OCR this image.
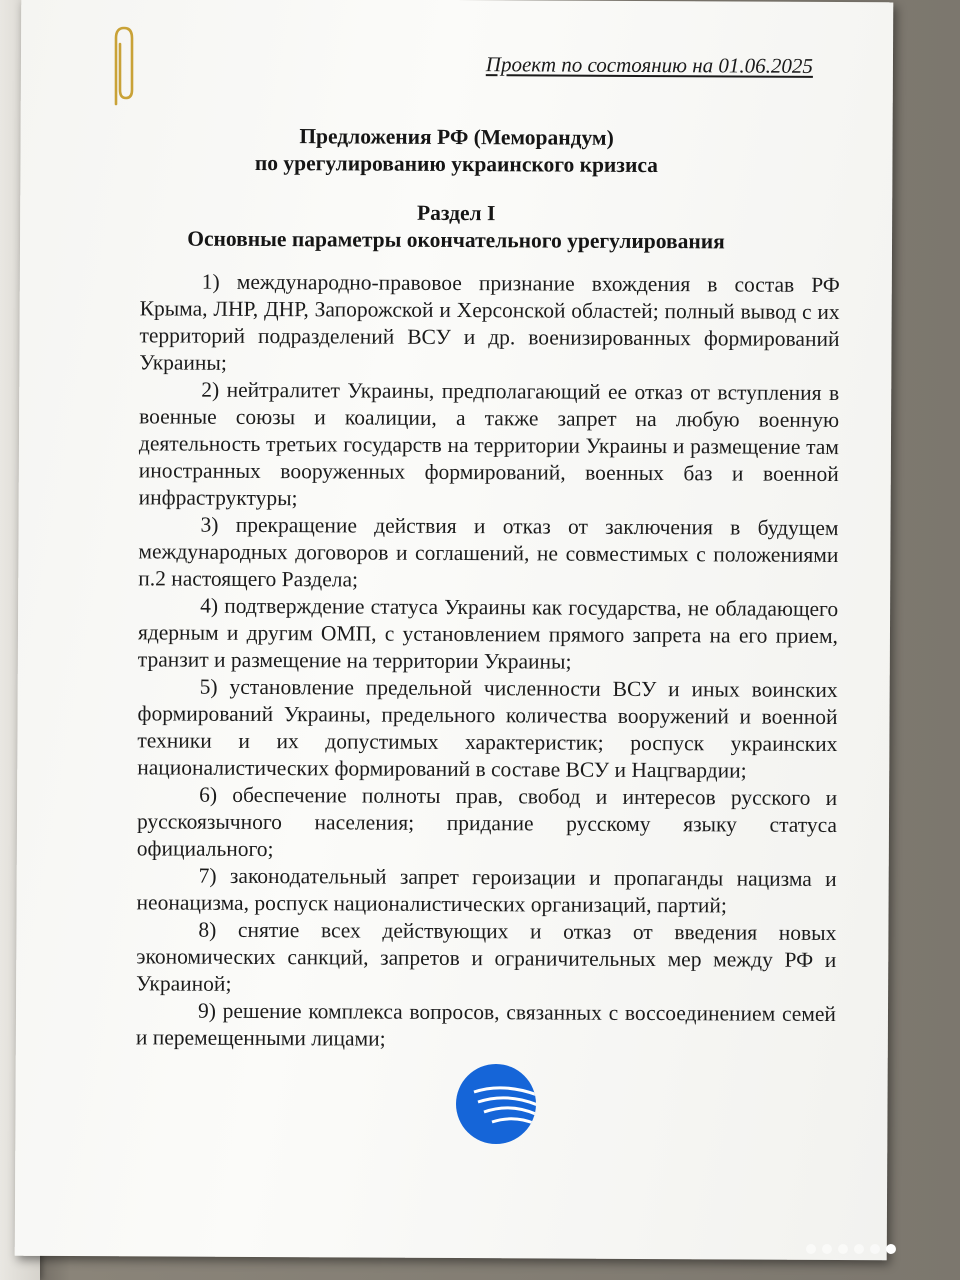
Проект по состоянию на 01.06.2025
Предложения РФ (Меморандум)
по урегулированию украинского кризиса
Раздел I
Основные параметры окончательного урегулирования

1) международно-правовое признание вхождения в состав РФ Крыма, ЛНР, ДНР, Запорожской и Херсонской областей; полный вывод с их территорий подразделений ВСУ и др. военизированных формирований Украины;

2) нейтралитет Украины, предполагающий ее отказ от вступления в военные союзы и коалиции, а также запрет на любую военную деятельность третьих государств на территории Украины и размещение там иностранных вооруженных формирований, военных баз и военной инфраструктуры;

3) прекращение действия и отказ от заключения в будущем международных договоров и соглашений, не совместимых с положениями п.2 настоящего Раздела;

4) подтверждение статуса Украины как государства, не обладающего ядерным и другим ОМП, с установлением прямого запрета на его прием, транзит и размещение на территории Украины;

5) установление предельной численности ВСУ и иных воинских формирований Украины, предельного количества вооружений и военной техники и их допустимых характеристик; роспуск украинских националистических формирований в составе ВСУ и Нацгвардии;

6) обеспечение полноты прав, свобод и интересов русского и русскоязычного населения; придание русскому языку статуса официального;

7) законодательный запрет героизации и пропаганды нацизма и неонацизма, роспуск националистических организаций, партий;

8) снятие всех действующих и отказ от введения новых экономических санкций, запретов и ограничительных мер между РФ и Украиной;

9) решение комплекса вопросов, связанных с воссоединением семей и перемещенными лицами;
